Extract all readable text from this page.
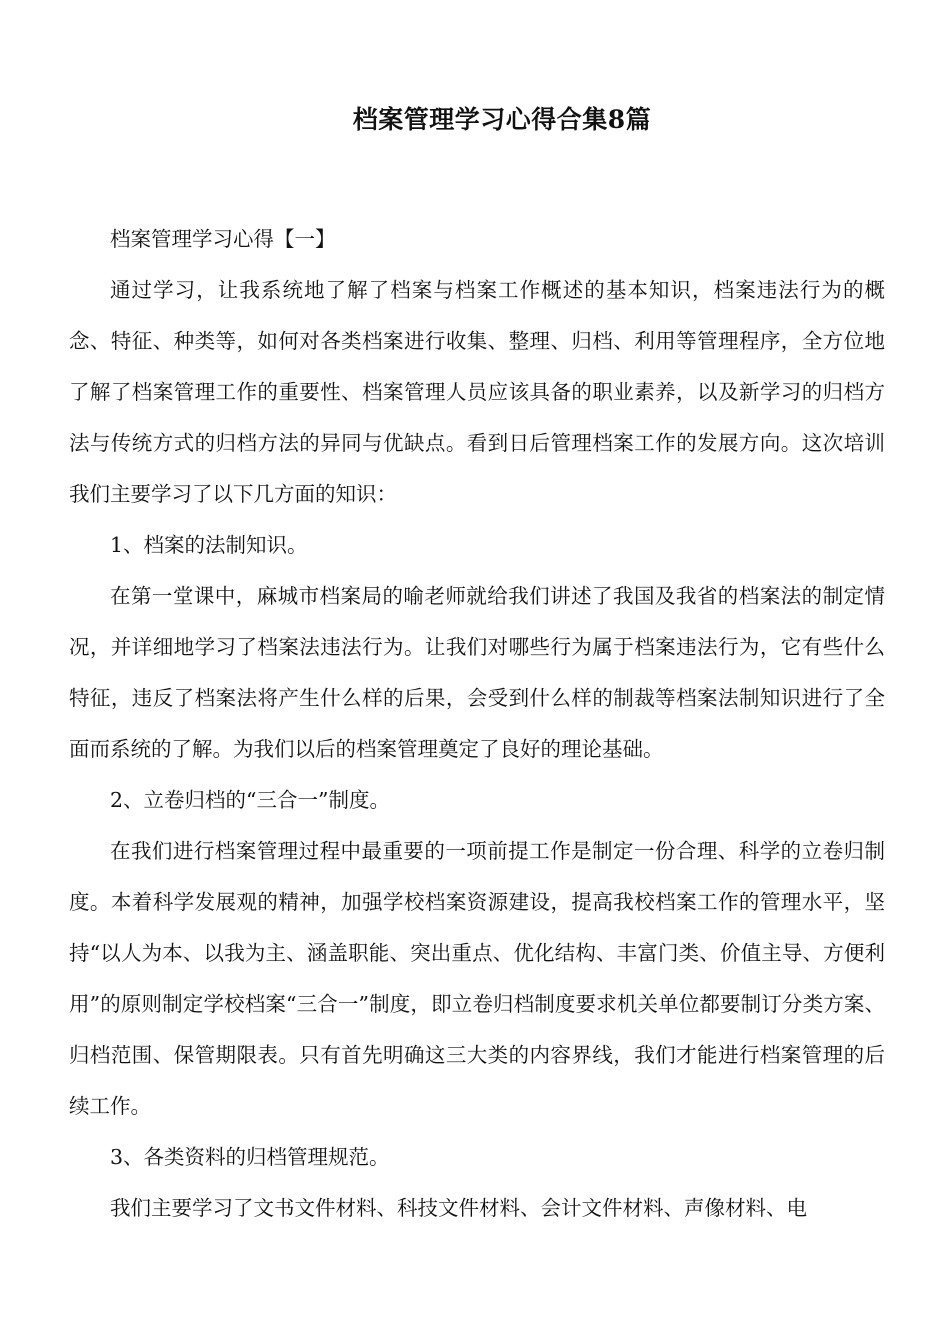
档案管理学习心得合集8篇

档案管理学习心得【一】

通过学习，让我系统地了解了档案与档案工作概述的基本知识，档案违法行为的概念、特征、种类等，如何对各类档案进行收集、整理、归档、利用等管理程序，全方位地了解了档案管理工作的重要性、档案管理人员应该具备的职业素养，以及新学习的归档方法与传统方式的归档方法的异同与优缺点。看到日后管理档案工作的发展方向。这次培训我们主要学习了以下几方面的知识：

1、档案的法制知识。

在第一堂课中，麻城市档案局的喻老师就给我们讲述了我国及我省的档案法的制定情况，并详细地学习了档案法违法行为。让我们对哪些行为属于档案违法行为，它有些什么特征，违反了档案法将产生什么样的后果，会受到什么样的制裁等档案法制知识进行了全面而系统的了解。为我们以后的档案管理奠定了良好的理论基础。

2、立卷归档的“三合一”制度。

在我们进行档案管理过程中最重要的一项前提工作是制定一份合理、科学的立卷归制度。本着科学发展观的精神，加强学校档案资源建设，提高我校档案工作的管理水平，坚持“以人为本、以我为主、涵盖职能、突出重点、优化结构、丰富门类、价值主导、方便利用”的原则制定学校档案“三合一”制度，即立卷归档制度要求机关单位都要制订分类方案、归档范围、保管期限表。只有首先明确这三大类的内容界线，我们才能进行档案管理的后续工作。

3、各类资料的归档管理规范。

我们主要学习了文书文件材料、科技文件材料、会计文件材料、声像材料、电
